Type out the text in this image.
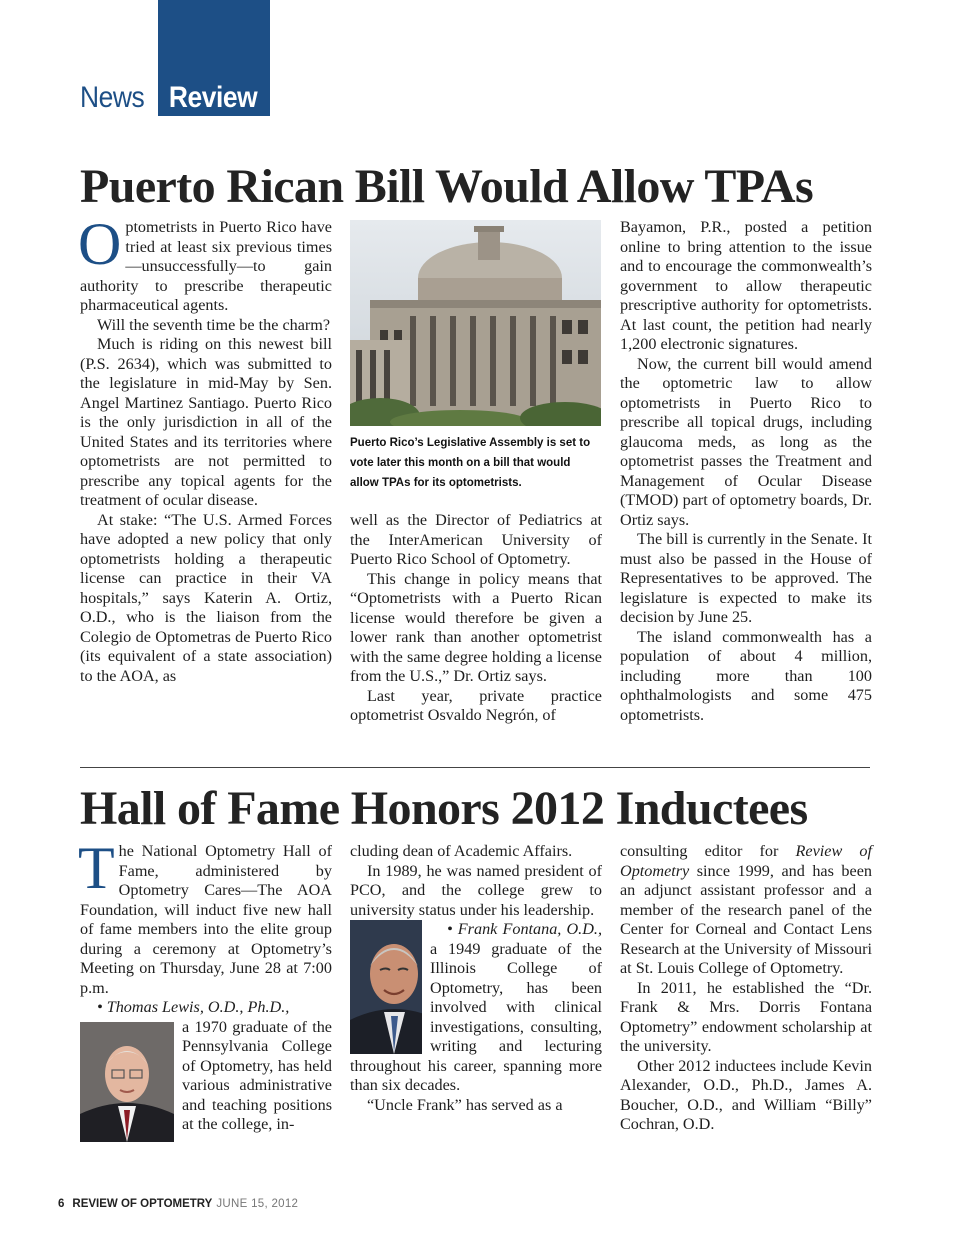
News Review
Puerto Rican Bill Would Allow TPAs

Optometrists in Puerto Rico have tried at least six previous times—unsuccessfully—to gain authority to prescribe therapeutic pharmaceutical agents.

Will the seventh time be the charm?

Much is riding on this newest bill (P.S. 2634), which was submitted to the legislature in mid-May by Sen. Angel Martinez Santiago. Puerto Rico is the only jurisdiction in all of the United States and its territories where optometrists are not permitted to prescribe any topical agents for the treatment of ocular disease.

At stake: “The U.S. Armed Forces have adopted a new policy that only optometrists holding a therapeutic license can practice in their VA hospitals,” says Katerin A. Ortiz, O.D., who is the liaison from the Colegio de Optometras de Puerto Rico (its equivalent of a state association) to the AOA, as

Puerto Rico’s Legislative Assembly is set to vote later this month on a bill that would allow TPAs for its optometrists.

well as the Director of Pediatrics at the InterAmerican University of Puerto Rico School of Optometry.

This change in policy means that “Optometrists with a Puerto Rican license would therefore be given a lower rank than another optometrist with the same degree holding a license from the U.S.,” Dr. Ortiz says.

Last year, private practice optometrist Osvaldo Negrón, of

Bayamon, P.R., posted a petition online to bring attention to the issue and to encourage the commonwealth’s government to allow therapeutic prescriptive authority for optometrists. At last count, the petition had nearly 1,200 electronic signatures.

Now, the current bill would amend the optometric law to allow optometrists in Puerto Rico to prescribe all topical drugs, including glaucoma meds, as long as the optometrist passes the Treatment and Management of Ocular Disease (TMOD) part of optometry boards, Dr. Ortiz says.

The bill is currently in the Senate. It must also be passed in the House of Representatives to be approved. The legislature is expected to make its decision by June 25.

The island commonwealth has a population of about 4 million, including more than 100 ophthalmologists and some 475 optometrists.

Hall of Fame Honors 2012 Inductees

The National Optometry Hall of Fame, administered by Optometry Cares—The AOA Foundation, will induct five new hall of fame members into the elite group during a ceremony at Optometry’s Meeting on Thursday, June 28 at 7:00 p.m.

• Thomas Lewis, O.D., Ph.D.,

a 1970 graduate of the Pennsylvania College of Optometry, has held various administrative and teaching positions at the college, in-

cluding dean of Academic Affairs.

In 1989, he was named president of PCO, and the college grew to university status under his leadership.

• Frank Fontana, O.D., a 1949 graduate of the Illinois College of Optometry, has been involved with clinical investigations, consulting, writing and lecturing throughout his career, spanning more than six decades.

“Uncle Frank” has served as a

consulting editor for Review of Optometry since 1999, and has been an adjunct assistant professor and a member of the research panel of the Center for Corneal and Contact Lens Research at the University of Missouri at St. Louis College of Optometry.

In 2011, he established the “Dr. Frank & Mrs. Dorris Fontana Optometry” endowment scholarship at the university.

Other 2012 inductees include Kevin Alexander, O.D., Ph.D., James A. Boucher, O.D., and William “Billy” Cochran, O.D.

6 REVIEW OF OPTOMETRY JUNE 15, 2012
